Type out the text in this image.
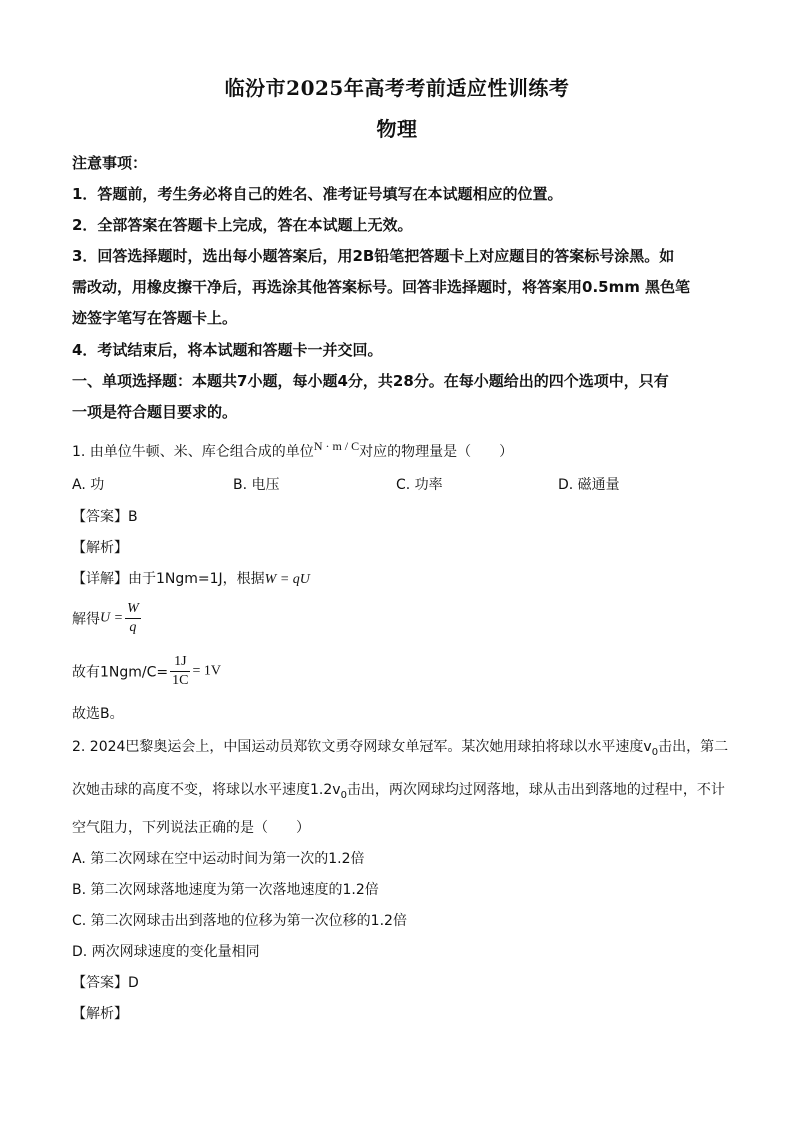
临汾市2025年高考考前适应性训练考
物理
注意事项：
1．答题前，考生务必将自己的姓名、准考证号填写在本试题相应的位置。
2．全部答案在答题卡上完成，答在本试题上无效。
3．回答选择题时，选出每小题答案后，用2B铅笔把答题卡上对应题目的答案标号涂黑。如
需改动，用橡皮擦干净后，再选涂其他答案标号。回答非选择题时，将答案用0.5mm 黑色笔
迹签字笔写在答题卡上。
4．考试结束后，将本试题和答题卡一并交回。
一、单项选择题：本题共7小题，每小题4分，共28分。在每小题给出的四个选项中，只有
一项是符合题目要求的。
1. 由单位牛顿、米、库仑组合成的单位N · m / C对应的物理量是（　　）
A. 功	B. 电压	C. 功率	D. 磁通量
【答案】B
【解析】
【详解】由于1Ngm=1J，根据W = qU
解得$U = \frac{W}{q}$
故有$1Ngm/C= \frac{1J}{1C} = 1V$
故选B。
2. 2024巴黎奥运会上，中国运动员郑钦文勇夺网球女单冠军。某次她用球拍将球以水平速度$v_0$击出，第二
次她击球的高度不变，将球以水平速度$1.2v_0$击出，两次网球均过网落地，球从击出到落地的过程中，不计
空气阻力，下列说法正确的是（　　）
A. 第二次网球在空中运动时间为第一次的1.2倍
B. 第二次网球落地速度为第一次落地速度的1.2倍
C. 第二次网球击出到落地的位移为第一次位移的1.2倍
D. 两次网球速度的变化量相同
【答案】D
【解析】
